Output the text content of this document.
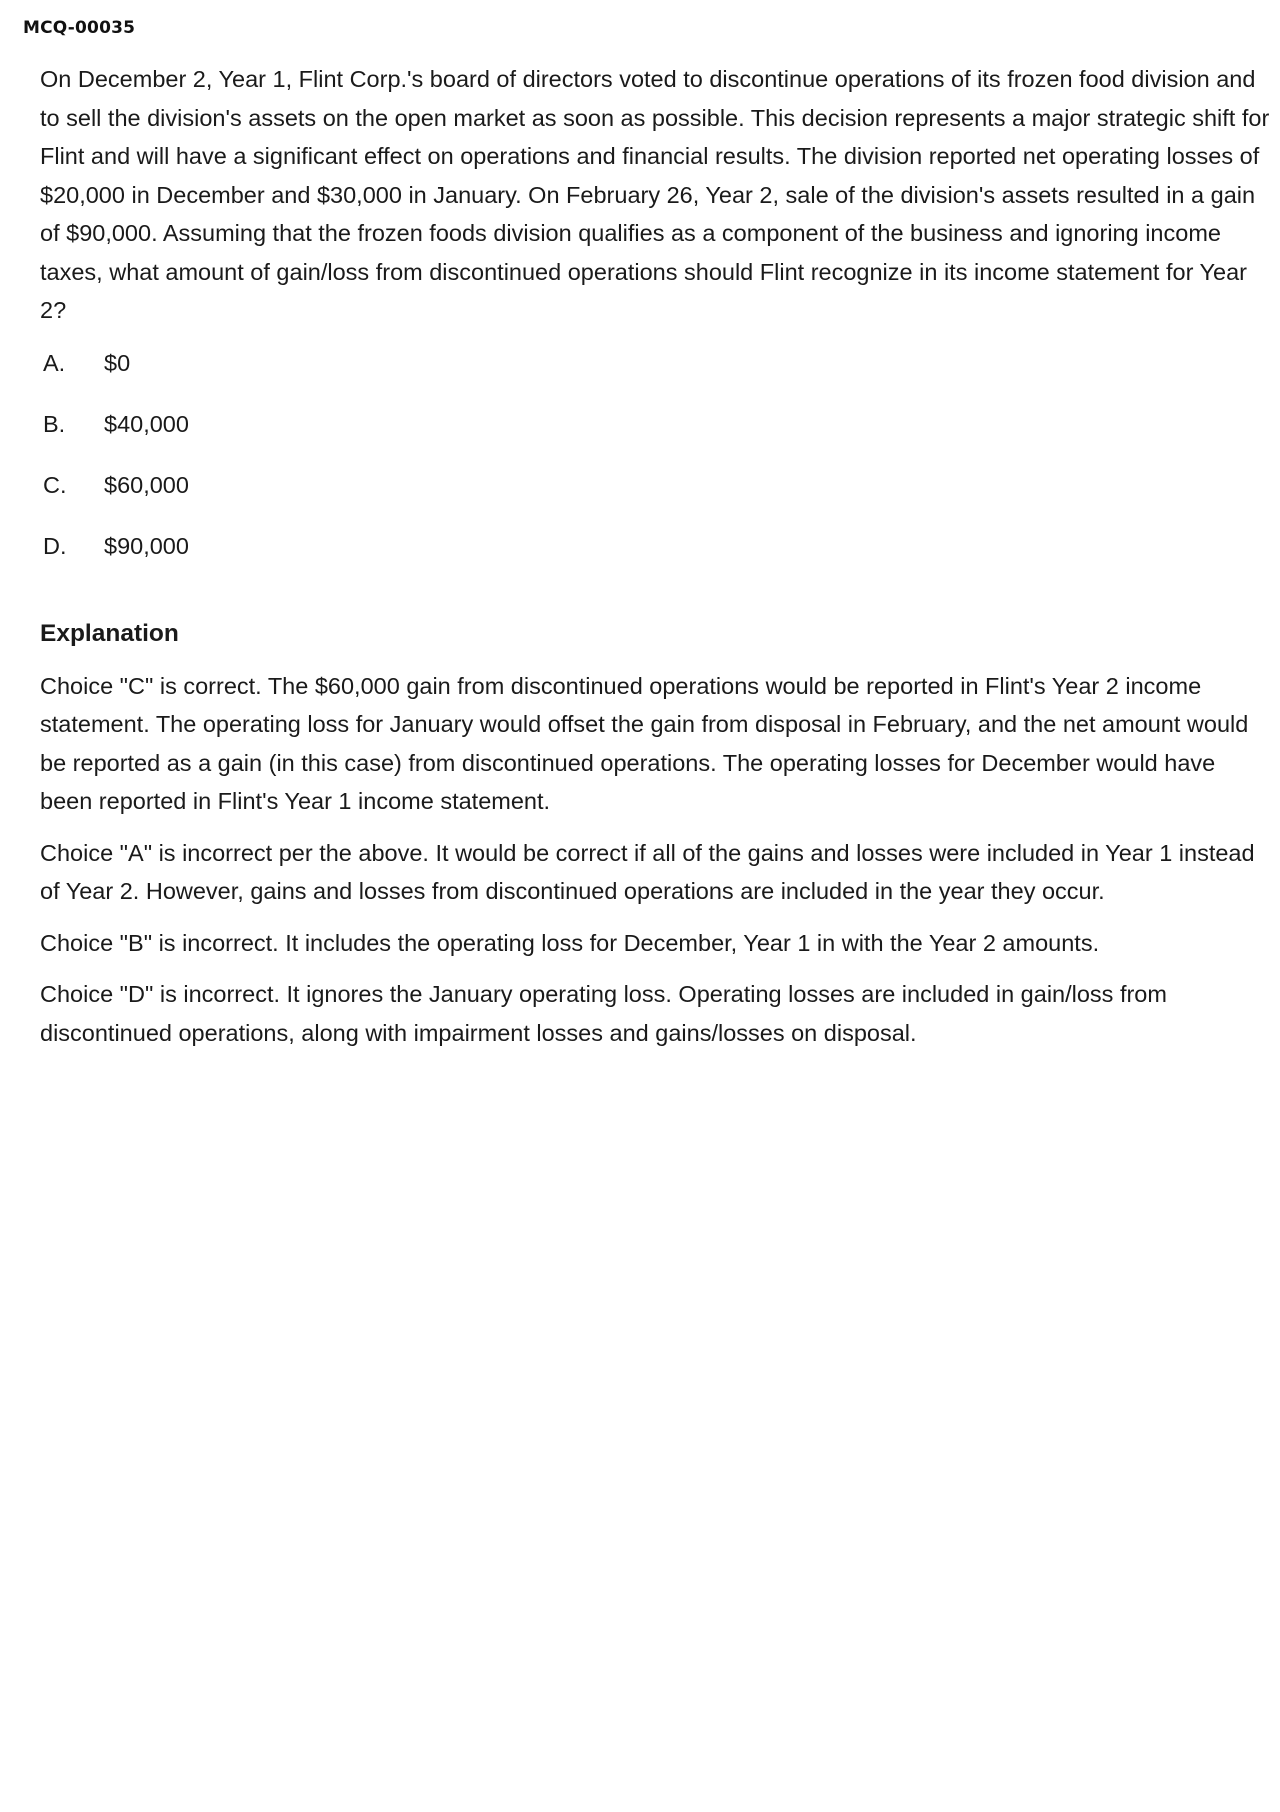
MCQ-00035

On December 2, Year 1, Flint Corp.'s board of directors voted to discontinue operations of its frozen food division and to sell the division's assets on the open market as soon as possible. This decision represents a major strategic shift for Flint and will have a significant effect on operations and financial results. The division reported net operating losses of $20,000 in December and $30,000 in January. On February 26, Year 2, sale of the division's assets resulted in a gain of $90,000. Assuming that the frozen foods division qualifies as a component of the business and ignoring income taxes, what amount of gain/loss from discontinued operations should Flint recognize in its income statement for Year 2?

A.	$0
B.	$40,000
C.	$60,000
D.	$90,000
Explanation

Choice "C" is correct. The $60,000 gain from discontinued operations would be reported in Flint's Year 2 income statement. The operating loss for January would offset the gain from disposal in February, and the net amount would be reported as a gain (in this case) from discontinued operations. The operating losses for December would have been reported in Flint's Year 1 income statement.

Choice "A" is incorrect per the above. It would be correct if all of the gains and losses were included in Year 1 instead of Year 2. However, gains and losses from discontinued operations are included in the year they occur.

Choice "B" is incorrect. It includes the operating loss for December, Year 1 in with the Year 2 amounts.

Choice "D" is incorrect. It ignores the January operating loss. Operating losses are included in gain/loss from discontinued operations, along with impairment losses and gains/losses on disposal.
